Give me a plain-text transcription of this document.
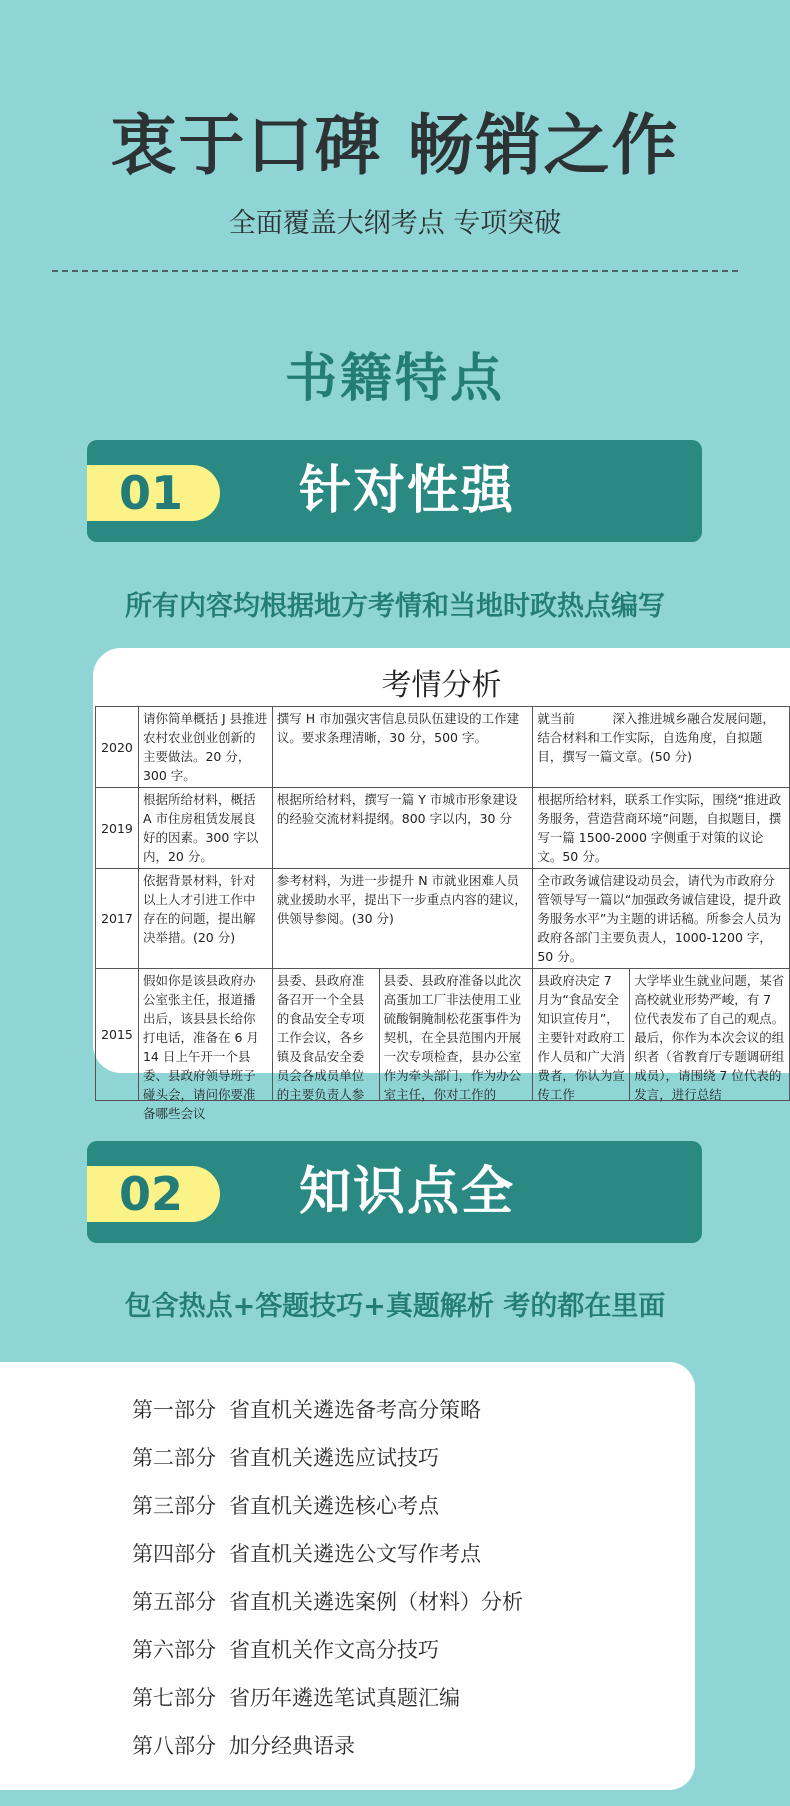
衷于口碑 畅销之作
全面覆盖大纲考点 专项突破
书籍特点
01	针对性强
所有内容均根据地方考情和当地时政热点编写
考情分析
2020	请你简单概括 J 县推进农村农业创业创新的主要做法。20 分，300 字。	撰写 H 市加强灾害信息员队伍建设的工作建议。要求条理清晰，30 分，500 字。		就当前　　　深入推进城乡融合发展问题，结合材料和工作实际，自选角度，自拟题目，撰写一篇文章。(50 分)	
2019	根据所给材料，概括 A 市住房租赁发展良好的因素。300 字以内，20 分。	根据所给材料，撰写一篇 Y 市城市形象建设的经验交流材料提纲。800 字以内，30 分		根据所给材料，联系工作实际，围绕“推进政务服务，营造营商环境”问题，自拟题目，撰写一篇 1500-2000 字侧重于对策的议论文。50 分。	
2017	依据背景材料，针对以上人才引进工作中存在的问题，提出解决举措。(20 分)	参考材料，为进一步提升 N 市就业困难人员就业援助水平，提出下一步重点内容的建议，供领导参阅。(30 分)		全市政务诚信建设动员会，请代为市政府分管领导写一篇以“加强政务诚信建设，提升政务服务水平”为主题的讲话稿。所参会人员为政府各部门主要负责人，1000-1200 字，50 分。	
2015	假如你是该县政府办公室张主任，报道播出后，该县县长给你打电话，准备在 6 月 14 日上午开一个县委、县政府领导班子碰头会，请问你要准备哪些会议	县委、县政府准备召开一个全县的食品安全专项工作会议，各乡镇及食品安全委员会各成员单位的主要负责人参	县委、县政府准备以此次高蛋加工厂非法使用工业硫酸铜腌制松花蛋事件为契机，在全县范围内开展一次专项检查，县办公室作为牵头部门，作为办公室主任，你对工作的	县政府决定 7 月为“食品安全知识宣传月”，主要针对政府工作人员和广大消费者，你认为宣传工作	大学毕业生就业问题，某省高校就业形势严峻，有 7 位代表发布了自己的观点。最后，你作为本次会议的组织者（省教育厅专题调研组成员），请围绕 7 位代表的发言，进行总结
02	知识点全
包含热点+答题技巧+真题解析 考的都在里面
第一部分 省直机关遴选备考高分策略
第二部分 省直机关遴选应试技巧
第三部分 省直机关遴选核心考点
第四部分 省直机关遴选公文写作考点
第五部分 省直机关遴选案例（材料）分析
第六部分 省直机关作文高分技巧
第七部分 省历年遴选笔试真题汇编
第八部分 加分经典语录
